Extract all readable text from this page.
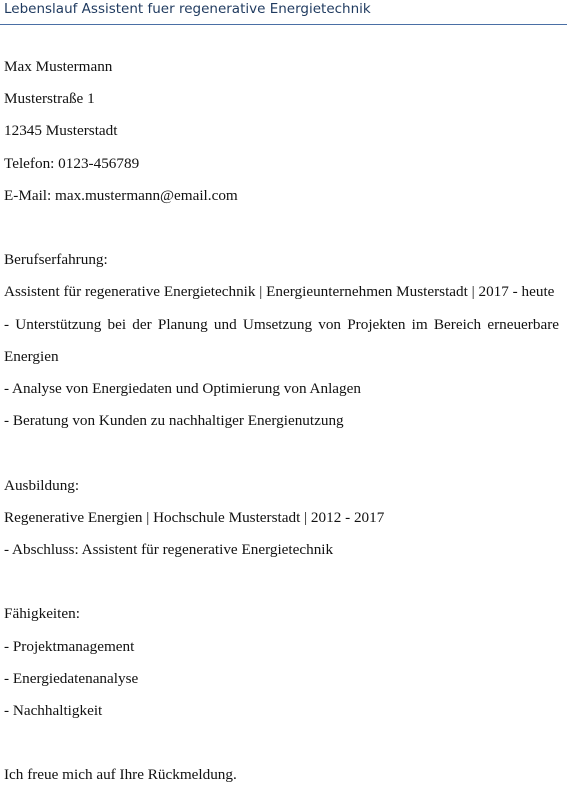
Lebenslauf Assistent fuer regenerative Energietechnik
Max Mustermann
Musterstraße 1
12345 Musterstadt
Telefon: 0123-456789
E-Mail: max.mustermann@email.com
Berufserfahrung:
Assistent für regenerative Energietechnik | Energieunternehmen Musterstadt | 2017 - heute
- Unterstützung bei der Planung und Umsetzung von Projekten im Bereich erneuerbare Energien
- Analyse von Energiedaten und Optimierung von Anlagen
- Beratung von Kunden zu nachhaltiger Energienutzung
Ausbildung:
Regenerative Energien | Hochschule Musterstadt | 2012 - 2017
- Abschluss: Assistent für regenerative Energietechnik
Fähigkeiten:
- Projektmanagement
- Energiedatenanalyse
- Nachhaltigkeit
Ich freue mich auf Ihre Rückmeldung.
